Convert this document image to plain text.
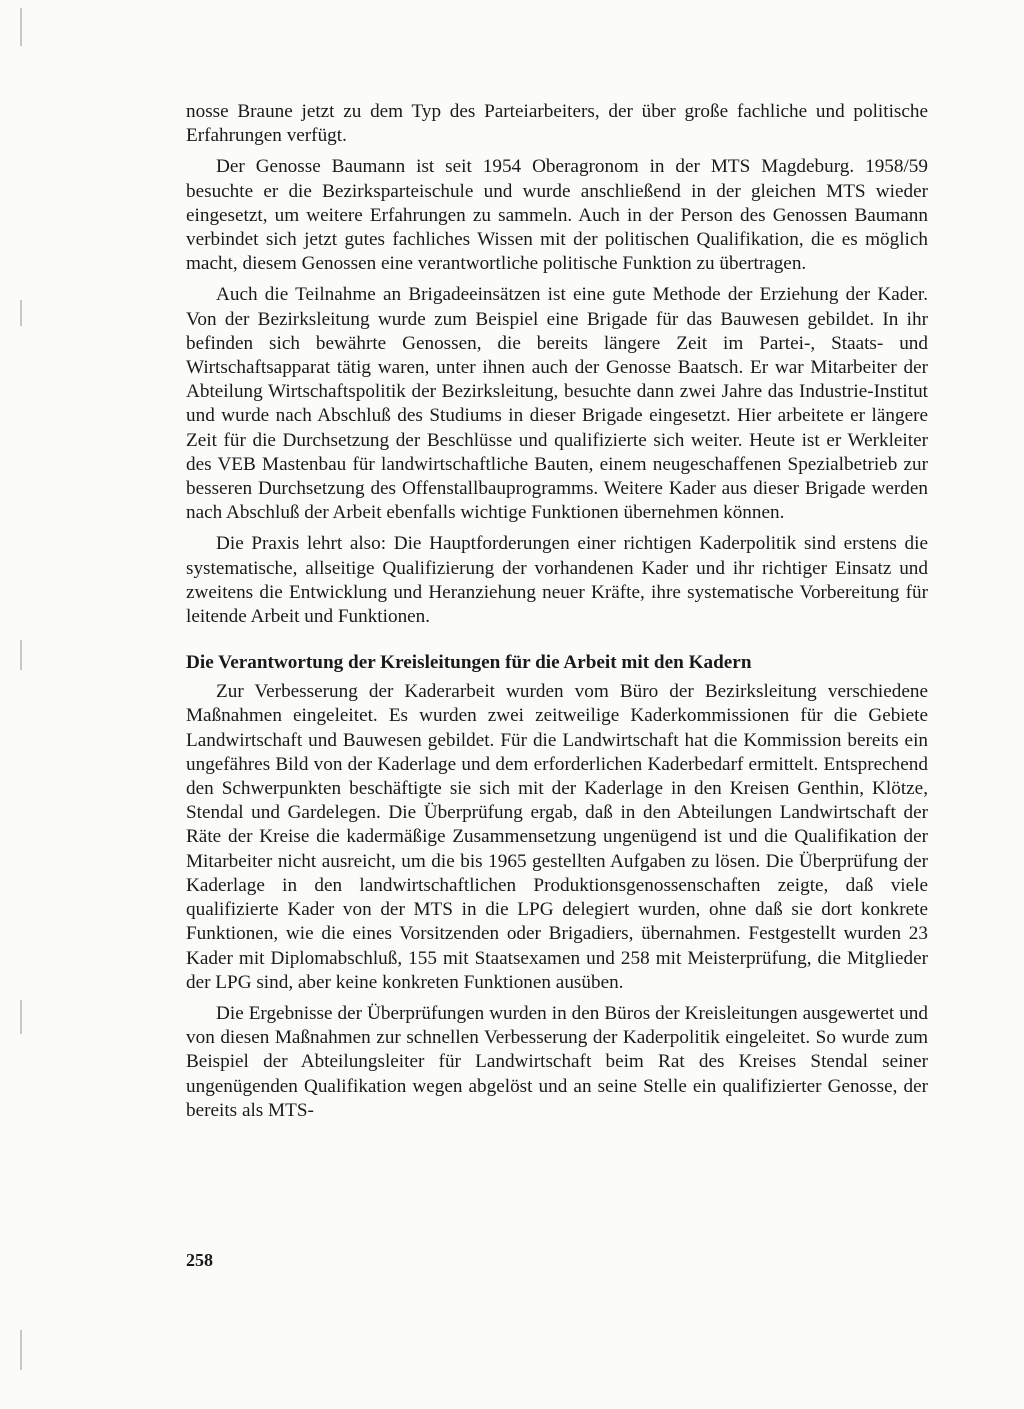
nosse Braune jetzt zu dem Typ des Parteiarbeiters, der über große fachliche und politische Erfahrungen verfügt.

Der Genosse Baumann ist seit 1954 Oberagronom in der MTS Magdeburg. 1958/59 besuchte er die Bezirksparteischule und wurde anschließend in der gleichen MTS wieder eingesetzt, um weitere Erfahrungen zu sammeln. Auch in der Person des Genossen Baumann verbindet sich jetzt gutes fachliches Wissen mit der politischen Qualifikation, die es möglich macht, diesem Genossen eine verantwortliche politische Funktion zu übertragen.

Auch die Teilnahme an Brigadeeinsätzen ist eine gute Methode der Erziehung der Kader. Von der Bezirksleitung wurde zum Beispiel eine Brigade für das Bauwesen gebildet. In ihr befinden sich bewährte Genossen, die bereits längere Zeit im Partei-, Staats- und Wirtschaftsapparat tätig waren, unter ihnen auch der Genosse Baatsch. Er war Mitarbeiter der Abteilung Wirtschaftspolitik der Bezirksleitung, besuchte dann zwei Jahre das Industrie-Institut und wurde nach Abschluß des Studiums in dieser Brigade eingesetzt. Hier arbeitete er längere Zeit für die Durchsetzung der Beschlüsse und qualifizierte sich weiter. Heute ist er Werkleiter des VEB Mastenbau für landwirtschaftliche Bauten, einem neugeschaffenen Spezialbetrieb zur besseren Durchsetzung des Offenstallbauprogramms. Weitere Kader aus dieser Brigade werden nach Abschluß der Arbeit ebenfalls wichtige Funktionen übernehmen können.

Die Praxis lehrt also: Die Hauptforderungen einer richtigen Kaderpolitik sind erstens die systematische, allseitige Qualifizierung der vorhandenen Kader und ihr richtiger Einsatz und zweitens die Entwicklung und Heranziehung neuer Kräfte, ihre systematische Vorbereitung für leitende Arbeit und Funktionen.

Die Verantwortung der Kreisleitungen für die Arbeit mit den Kadern

Zur Verbesserung der Kaderarbeit wurden vom Büro der Bezirksleitung verschiedene Maßnahmen eingeleitet. Es wurden zwei zeitweilige Kaderkommissionen für die Gebiete Landwirtschaft und Bauwesen gebildet. Für die Landwirtschaft hat die Kommission bereits ein ungefähres Bild von der Kaderlage und dem erforderlichen Kaderbedarf ermittelt. Entsprechend den Schwerpunkten beschäftigte sie sich mit der Kaderlage in den Kreisen Genthin, Klötze, Stendal und Gardelegen. Die Überprüfung ergab, daß in den Abteilungen Landwirtschaft der Räte der Kreise die kadermäßige Zusammensetzung ungenügend ist und die Qualifikation der Mitarbeiter nicht ausreicht, um die bis 1965 gestellten Aufgaben zu lösen. Die Überprüfung der Kaderlage in den landwirtschaftlichen Produktionsgenossenschaften zeigte, daß viele qualifizierte Kader von der MTS in die LPG delegiert wurden, ohne daß sie dort konkrete Funktionen, wie die eines Vorsitzenden oder Brigadiers, übernahmen. Festgestellt wurden 23 Kader mit Diplomabschluß, 155 mit Staatsexamen und 258 mit Meisterprüfung, die Mitglieder der LPG sind, aber keine konkreten Funktionen ausüben.

Die Ergebnisse der Überprüfungen wurden in den Büros der Kreisleitungen ausgewertet und von diesen Maßnahmen zur schnellen Verbesserung der Kaderpolitik eingeleitet. So wurde zum Beispiel der Abteilungsleiter für Landwirtschaft beim Rat des Kreises Stendal seiner ungenügenden Qualifikation wegen abgelöst und an seine Stelle ein qualifizierter Genosse, der bereits als MTS-

258
